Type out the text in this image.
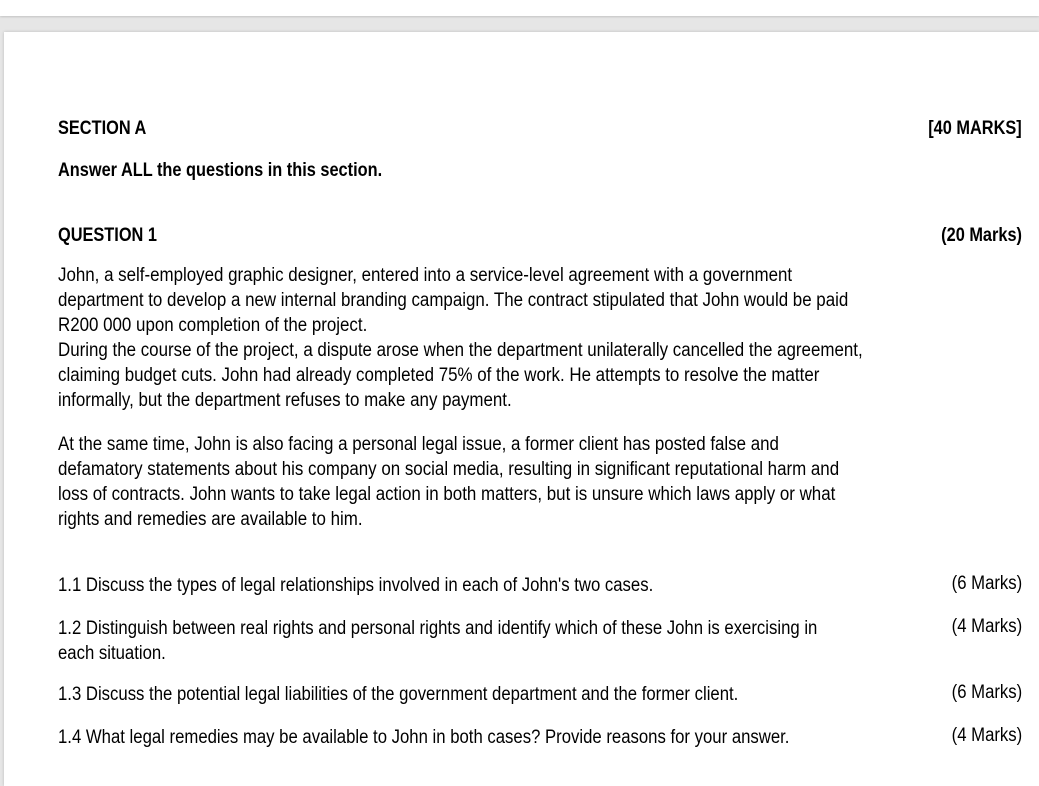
SECTION A	[40 MARKS]
Answer ALL the questions in this section.
QUESTION 1	(20 Marks)
John, a self-employed graphic designer, entered into a service-level agreement with a government
department to develop a new internal branding campaign. The contract stipulated that John would be paid
R200 000 upon completion of the project.
During the course of the project, a dispute arose when the department unilaterally cancelled the agreement,
claiming budget cuts. John had already completed 75% of the work. He attempts to resolve the matter
informally, but the department refuses to make any payment.
At the same time, John is also facing a personal legal issue, a former client has posted false and
defamatory statements about his company on social media, resulting in significant reputational harm and
loss of contracts. John wants to take legal action in both matters, but is unsure which laws apply or what
rights and remedies are available to him.
1.1 Discuss the types of legal relationships involved in each of John's two cases.	(6 Marks)
1.2 Distinguish between real rights and personal rights and identify which of these John is exercising in
each situation.
(4 Marks)
1.3 Discuss the potential legal liabilities of the government department and the former client.	(6 Marks)
1.4 What legal remedies may be available to John in both cases? Provide reasons for your answer.	(4 Marks)
